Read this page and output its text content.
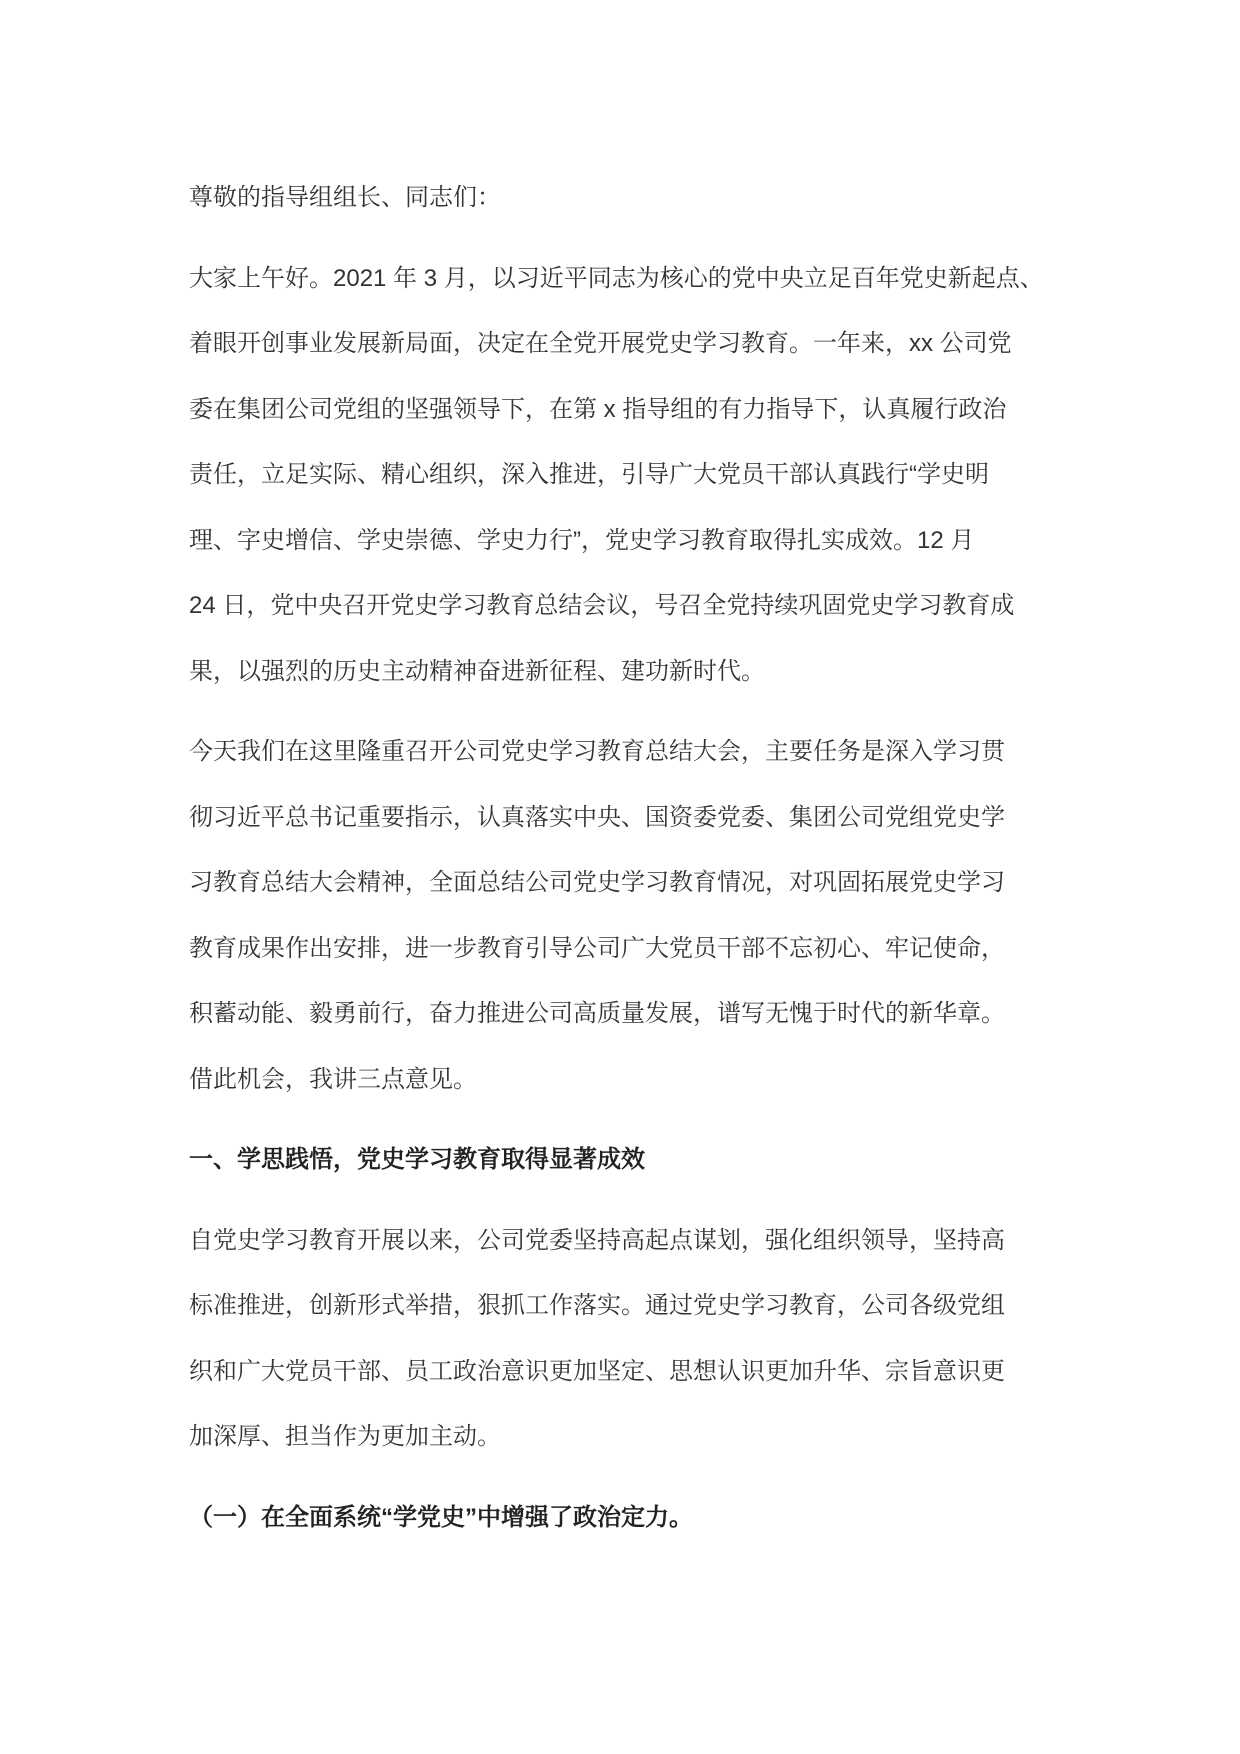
尊敬的指导组组长、同志们：
大家上午好。2021 年 3 月，以习近平同志为核心的党中央立足百年党史新起点、
着眼开创事业发展新局面，决定在全党开展党史学习教育。一年来，xx 公司党
委在集团公司党组的坚强领导下，在第 x 指导组的有力指导下，认真履行政治
责任，立足实际、精心组织，深入推进，引导广大党员干部认真践行“学史明
理、字史增信、学史崇德、学史力行”，党史学习教育取得扎实成效。12 月
24 日，党中央召开党史学习教育总结会议，号召全党持续巩固党史学习教育成
果，以强烈的历史主动精神奋进新征程、建功新时代。
今天我们在这里隆重召开公司党史学习教育总结大会，主要任务是深入学习贯
彻习近平总书记重要指示，认真落实中央、国资委党委、集团公司党组党史学
习教育总结大会精神，全面总结公司党史学习教育情况，对巩固拓展党史学习
教育成果作出安排，进一步教育引导公司广大党员干部不忘初心、牢记使命，
积蓄动能、毅勇前行，奋力推进公司高质量发展，谱写无愧于时代的新华章。
借此机会，我讲三点意见。
一、学思践悟，党史学习教育取得显著成效
自党史学习教育开展以来，公司党委坚持高起点谋划，强化组织领导，坚持高
标准推进，创新形式举措，狠抓工作落实。通过党史学习教育，公司各级党组
织和广大党员干部、员工政治意识更加坚定、思想认识更加升华、宗旨意识更
加深厚、担当作为更加主动。
（一）在全面系统“学党史”中增强了政治定力。
